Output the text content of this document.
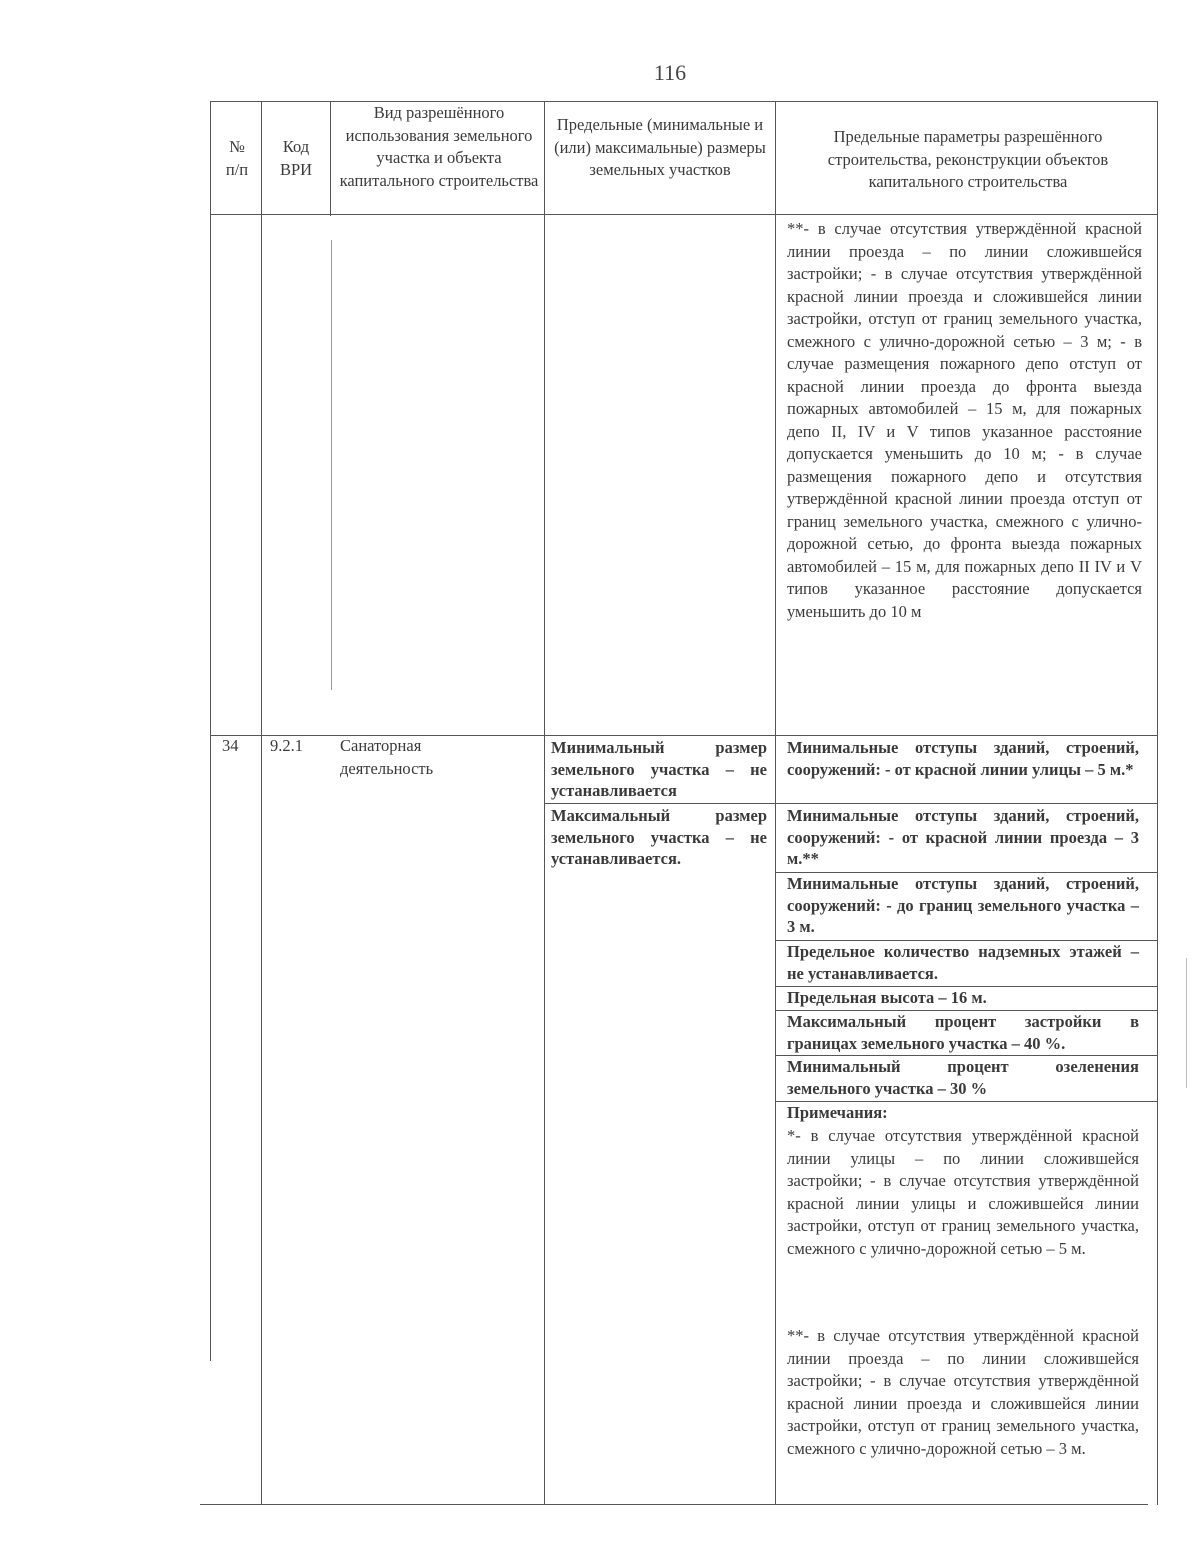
116
№ п/п
Код ВРИ
Вид разрешённого использования земельного участка и объекта капитального строительства
Предельные (минимальные и (или) максимальные) размеры земельных участков
Предельные параметры разрешённого строительства, реконструкции объектов капитального строительства
**- в случае отсутствия утверждённой красной линии проезда – по линии сложившейся застройки; - в случае отсутствия утверждённой красной линии проезда и сложившейся линии застройки, отступ от границ земельного участка, смежного с улично-дорожной сетью – 3 м; - в случае размещения пожарного депо отступ от красной линии проезда до фронта выезда пожарных автомобилей – 15 м, для пожарных депо II, IV и V типов указанное расстояние допускается уменьшить до 10 м; - в случае размещения пожарного депо и отсутствия утверждённой красной линии проезда отступ от границ земельного участка, смежного с улично-дорожной сетью, до фронта выезда пожарных автомобилей – 15 м, для пожарных депо II IV и V типов указанное расстояние допускается уменьшить до 10 м
34	9.2.1	Санаторная деятельность
Минимальный размер земельного участка – не устанавливается
Максимальный размер земельного участка – не устанавливается.
Минимальные отступы зданий, строений, сооружений: - от красной линии улицы – 5 м.*
Минимальные отступы зданий, строений, сооружений: - от красной линии проезда – 3 м.**
Минимальные отступы зданий, строений, сооружений: - до границ земельного участка – 3 м.
Предельное количество надземных этажей – не устанавливается.
Предельная высота – 16 м.
Максимальный процент застройки в границах земельного участка – 40 %.
Минимальный процент озеленения земельного участка – 30 %
Примечания:
*- в случае отсутствия утверждённой красной линии улицы – по линии сложившейся застройки; - в случае отсутствия утверждённой красной линии улицы и сложившейся линии застройки, отступ от границ земельного участка, смежного с улично-дорожной сетью – 5 м.
**- в случае отсутствия утверждённой красной линии проезда – по линии сложившейся застройки; - в случае отсутствия утверждённой красной линии проезда и сложившейся линии застройки, отступ от границ земельного участка, смежного с улично-дорожной сетью – 3 м.
